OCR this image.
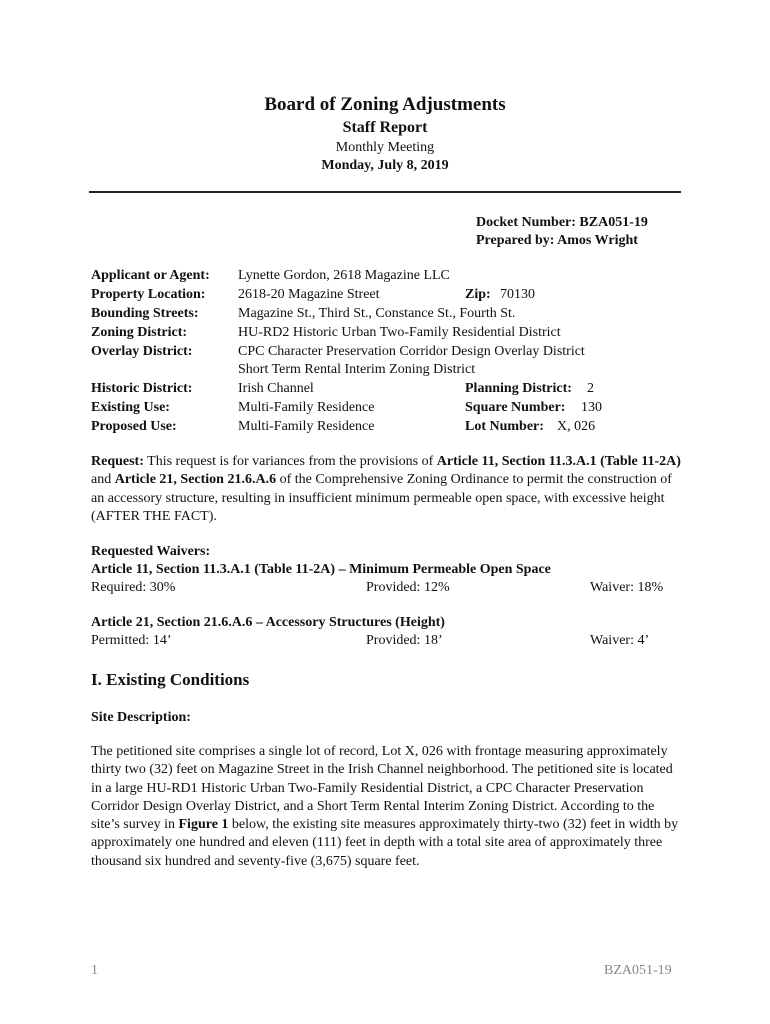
Board of Zoning Adjustments
Staff Report
Monthly Meeting
Monday, July 8, 2019
Docket Number: BZA051-19
Prepared by: Amos Wright
Applicant or Agent: Lynette Gordon, 2618 Magazine LLC
Property Location: 2618-20 Magazine Street	Zip: 70130
Bounding Streets:	Magazine St., Third St., Constance St., Fourth St.
Zoning District:	HU-RD2 Historic Urban Two-Family Residential District
Overlay District:	CPC Character Preservation Corridor Design Overlay District
Short Term Rental Interim Zoning District
Historic District:	Irish Channel	Planning District: 2
Existing Use:	Multi-Family Residence	Square Number: 130
Proposed Use:	Multi-Family Residence	Lot Number: X, 026

Request: This request is for variances from the provisions of Article 11, Section 11.3.A.1 (Table 11-2A) and Article 21, Section 21.6.A.6 of the Comprehensive Zoning Ordinance to permit the construction of an accessory structure, resulting in insufficient minimum permeable open space, with excessive height (AFTER THE FACT).

Requested Waivers:
Article 11, Section 11.3.A.1 (Table 11-2A) – Minimum Permeable Open Space
Required: 30%	Provided: 12%	Waiver: 18%
Article 21, Section 21.6.A.6 – Accessory Structures (Height)
Permitted: 14’	Provided: 18’	Waiver: 4’
I. Existing Conditions
Site Description:

The petitioned site comprises a single lot of record, Lot X, 026 with frontage measuring approximately thirty two (32) feet on Magazine Street in the Irish Channel neighborhood. The petitioned site is located in a large HU-RD1 Historic Urban Two-Family Residential District, a CPC Character Preservation Corridor Design Overlay District, and a Short Term Rental Interim Zoning District. According to the site’s survey in Figure 1 below, the existing site measures approximately thirty-two (32) feet in width by approximately one hundred and eleven (111) feet in depth with a total site area of approximately three thousand six hundred and seventy-five (3,675) square feet.

1	BZA051-19
